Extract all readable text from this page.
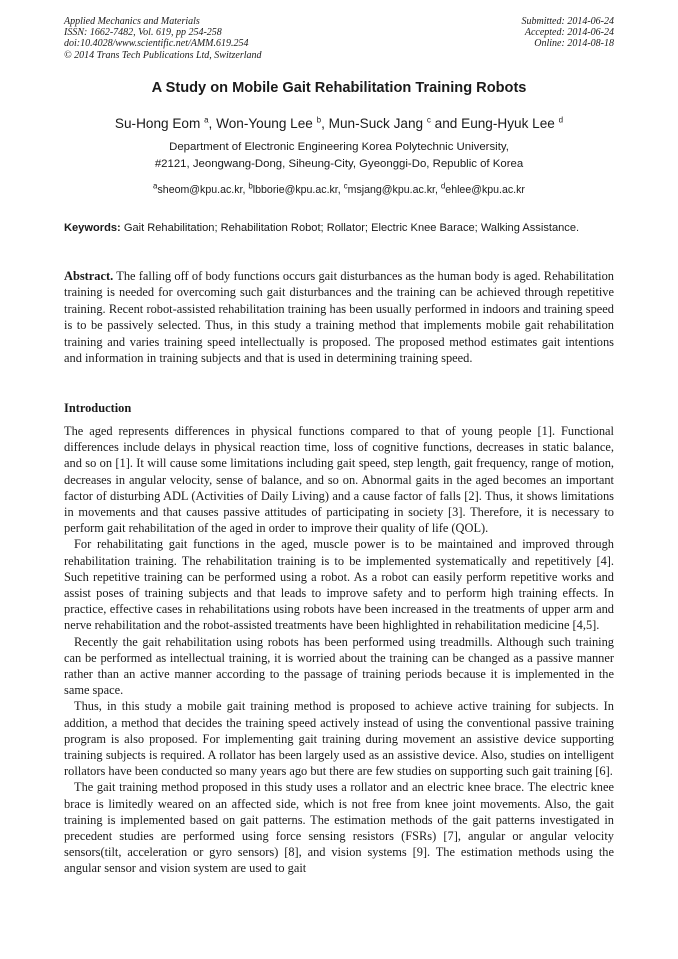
Applied Mechanics and Materials
ISSN: 1662-7482, Vol. 619, pp 254-258
doi:10.4028/www.scientific.net/AMM.619.254
© 2014 Trans Tech Publications Ltd, Switzerland
Submitted: 2014-06-24
Accepted: 2014-06-24
Online: 2014-08-18
A Study on Mobile Gait Rehabilitation Training Robots
Su-Hong Eom $^a$, Won-Young Lee $^b$, Mun-Suck Jang $^c$ and Eung-Hyuk Lee $^d$
Department of Electronic Engineering Korea Polytechnic University,
#2121, Jeongwang-Dong, Siheung-City, Gyeonggi-Do, Republic of Korea
$^a$sheom@kpu.ac.kr, $^b$lbborie@kpu.ac.kr, $^c$msjang@kpu.ac.kr, $^d$ehlee@kpu.ac.kr
Keywords: Gait Rehabilitation; Rehabilitation Robot; Rollator; Electric Knee Barace; Walking Assistance.
Abstract. The falling off of body functions occurs gait disturbances as the human body is aged. Rehabilitation training is needed for overcoming such gait disturbances and the training can be achieved through repetitive training. Recent robot-assisted rehabilitation training has been usually performed in indoors and training speed is to be passively selected. Thus, in this study a training method that implements mobile gait rehabilitation training and varies training speed intellectually is proposed. The proposed method estimates gait intentions and information in training subjects and that is used in determining training speed.
Introduction

The aged represents differences in physical functions compared to that of young people [1]. Functional differences include delays in physical reaction time, loss of cognitive functions, decreases in static balance, and so on [1]. It will cause some limitations including gait speed, step length, gait frequency, range of motion, decreases in angular velocity, sense of balance, and so on. Abnormal gaits in the aged becomes an important factor of disturbing ADL (Activities of Daily Living) and a cause factor of falls [2]. Thus, it shows limitations in movements and that causes passive attitudes of participating in society [3]. Therefore, it is necessary to perform gait rehabilitation of the aged in order to improve their quality of life (QOL).

For rehabilitating gait functions in the aged, muscle power is to be maintained and improved through rehabilitation training. The rehabilitation training is to be implemented systematically and repetitively [4]. Such repetitive training can be performed using a robot. As a robot can easily perform repetitive works and assist poses of training subjects and that leads to improve safety and to perform high training effects. In practice, effective cases in rehabilitations using robots have been increased in the treatments of upper arm and nerve rehabilitation and the robot-assisted treatments have been highlighted in rehabilitation medicine [4,5].

Recently the gait rehabilitation using robots has been performed using treadmills. Although such training can be performed as intellectual training, it is worried about the training can be changed as a passive manner rather than an active manner according to the passage of training periods because it is implemented in the same space.

Thus, in this study a mobile gait training method is proposed to achieve active training for subjects. In addition, a method that decides the training speed actively instead of using the conventional passive training program is also proposed. For implementing gait training during movement an assistive device supporting training subjects is required. A rollator has been largely used as an assistive device. Also, studies on intelligent rollators have been conducted so many years ago but there are few studies on supporting such gait training [6].

The gait training method proposed in this study uses a rollator and an electric knee brace. The electric knee brace is limitedly weared on an affected side, which is not free from knee joint movements. Also, the gait training is implemented based on gait patterns. The estimation methods of the gait patterns investigated in precedent studies are performed using force sensing resistors (FSRs) [7], angular or angular velocity sensors(tilt, acceleration or gyro sensors) [8], and vision systems [9]. The estimation methods using the angular sensor and vision system are used to gait
